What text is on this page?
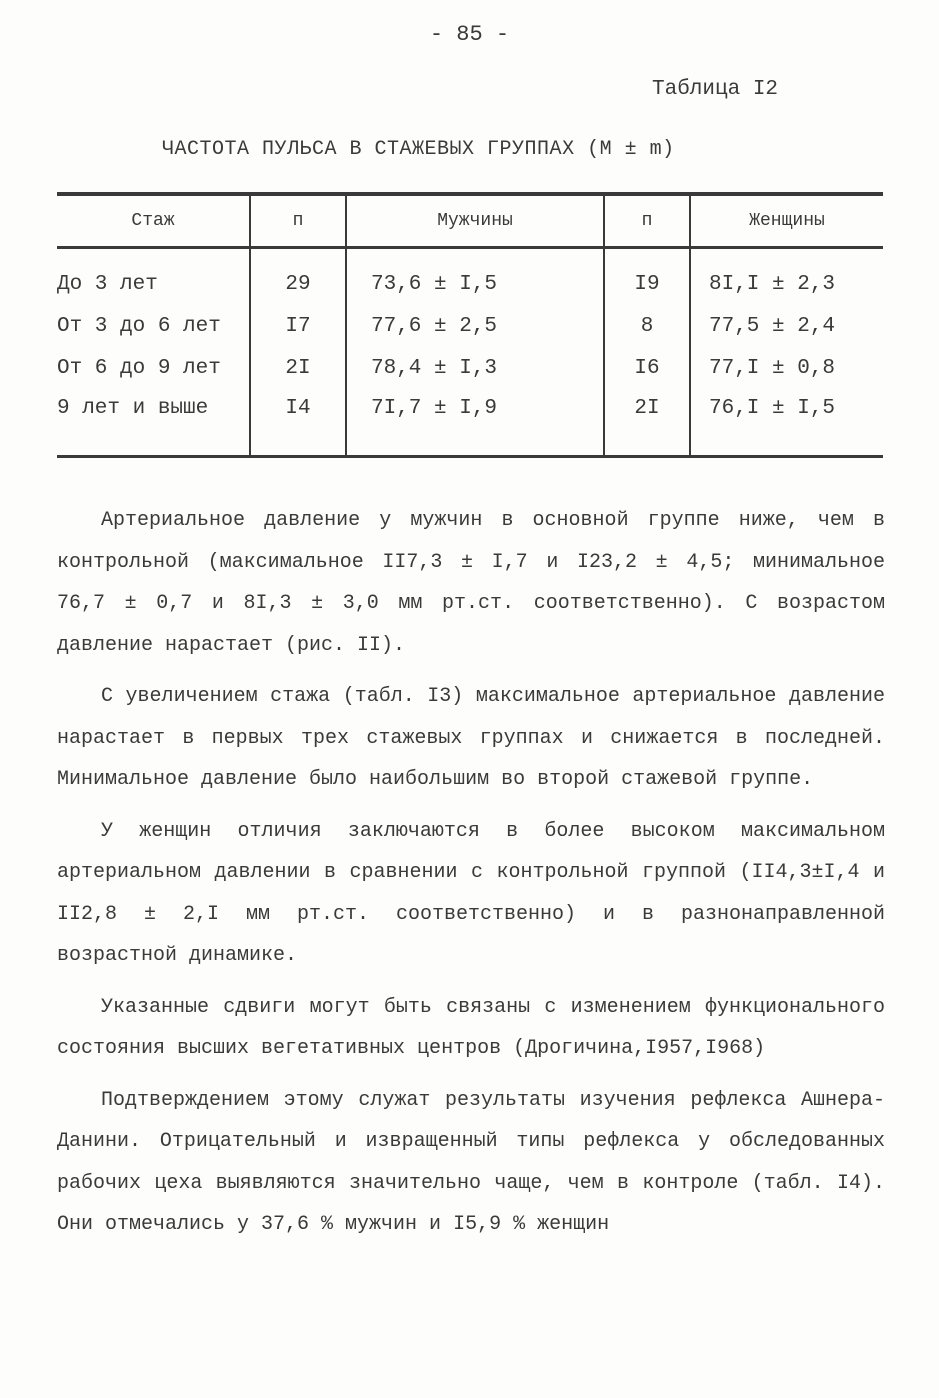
- 85 -
Таблица I2
ЧАСТОТА ПУЛЬСА В СТАЖЕВЫХ ГРУППАХ (М ± m)
Стаж	п	Мужчины	п	Женщины
До 3 лет	29	73,6 ± I,5	I9	8I,I ± 2,3
От 3 до 6 лет	I7	77,6 ± 2,5	8	77,5 ± 2,4
От 6 до 9 лет	2I	78,4 ± I,3	I6	77,I ± 0,8
9 лет и выше	I4	7I,7 ± I,9	2I	76,I ± I,5

Артериальное давление у мужчин в основной группе ниже, чем в контрольной (максимальное II7,3 ± I,7 и I23,2 ± 4,5; минимальное 76,7 ± 0,7 и 8I,3 ± 3,0 мм рт.ст. соответственно). С возрастом давление нарастает (рис. II).

С увеличением стажа (табл. I3) максимальное артериальное давление нарастает в первых трех стажевых группах и снижается в последней. Минимальное давление было наибольшим во второй стажевой группе.

У женщин отличия заключаются в более высоком максимальном артериальном давлении в сравнении с контрольной группой (II4,3±I,4 и II2,8 ± 2,I мм рт.ст. соответственно) и в разнонаправленной возрастной динамике.

Указанные сдвиги могут быть связаны с изменением функционального состояния высших вегетативных центров (Дрогичина,I957,I968)

Подтверждением этому служат результаты изучения рефлекса Ашнера-Данини. Отрицательный и извращенный типы рефлекса у обследованных рабочих цеха выявляются значительно чаще, чем в контроле (табл. I4). Они отмечались у 37,6 % мужчин и I5,9 % женщин
